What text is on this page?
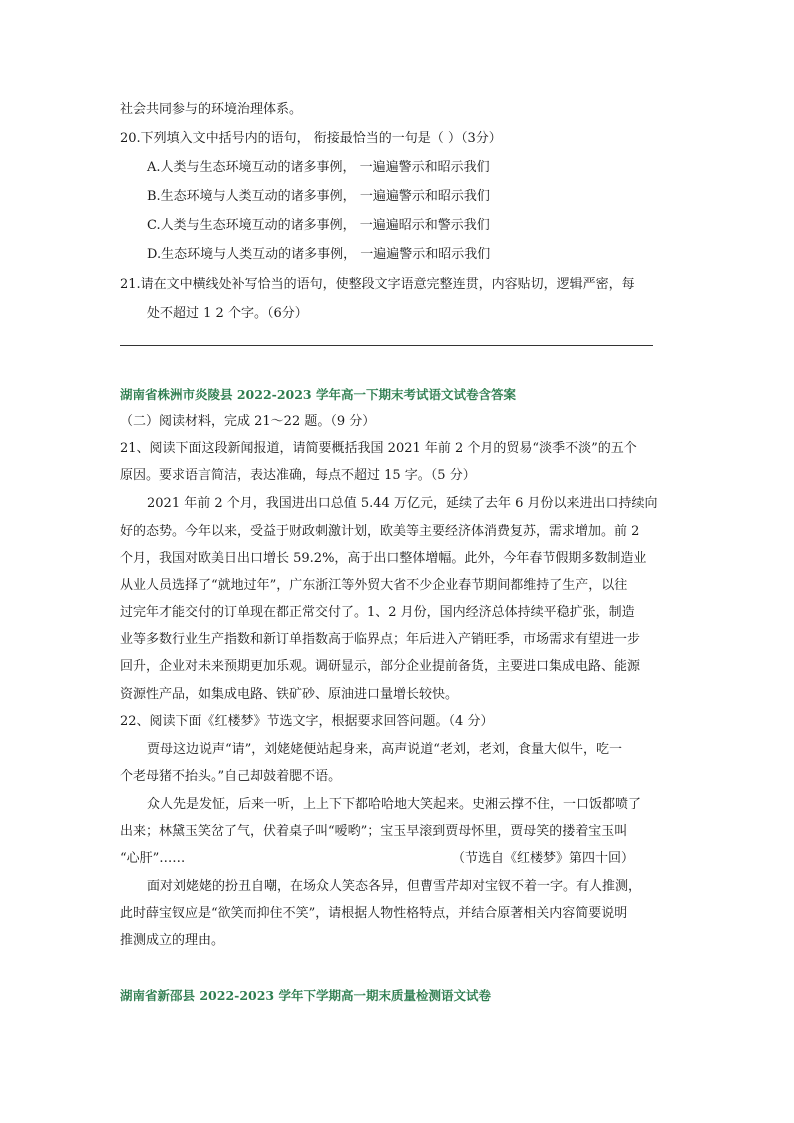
社会共同参与的环境治理体系。
20.下列填入文中括号内的语句， 衔接最恰当的一句是（ ）（3分）
A.人类与生态环境互动的诸多事例， 一遍遍警示和昭示我们
B.生态环境与人类互动的诸多事例， 一遍遍警示和昭示我们
C.人类与生态环境互动的诸多事例， 一遍遍昭示和警示我们
D.生态环境与人类互动的诸多事例， 一遍遍警示和昭示我们
21.请在文中横线处补写恰当的语句，使整段文字语意完整连贯，内容贴切，逻辑严密，每
处不超过 1 2 个字。（6分）
湖南省株洲市炎陵县 2022-2023 学年高一下期末考试语文试卷含答案
（二）阅读材料，完成 21～22 题。（9 分）
21、阅读下面这段新闻报道，请简要概括我国 2021 年前 2 个月的贸易“淡季不淡”的五个
原因。要求语言简洁，表达准确，每点不超过 15 字。（5 分）
2021 年前 2 个月，我国进出口总值 5.44 万亿元，延续了去年 6 月份以来进出口持续向
好的态势。今年以来，受益于财政刺激计划，欧美等主要经济体消费复苏，需求增加。前 2
个月，我国对欧美日出口增长 59.2%，高于出口整体增幅。此外，今年春节假期多数制造业
从业人员选择了“就地过年”，广东浙江等外贸大省不少企业春节期间都维持了生产，以往
过完年才能交付的订单现在都正常交付了。1、2 月份，国内经济总体持续平稳扩张，制造
业等多数行业生产指数和新订单指数高于临界点；年后进入产销旺季，市场需求有望进一步
回升，企业对未来预期更加乐观。调研显示，部分企业提前备货，主要进口集成电路、能源
资源性产品，如集成电路、铁矿砂、原油进口量增长较快。
22、阅读下面《红楼梦》节选文字，根据要求回答问题。（4 分）
贾母这边说声“请”，刘姥姥便站起身来，高声说道“老刘，老刘，食量大似牛，吃一
个老母猪不抬头。”自己却鼓着腮不语。
众人先是发怔，后来一听，上上下下都哈哈地大笑起来。史湘云撑不住，一口饭都喷了
出来；林黛玉笑岔了气，伏着桌子叫“嗳哟”；宝玉早滚到贾母怀里，贾母笑的搂着宝玉叫
“心肝”……	（节选自《红楼梦》第四十回）
面对刘姥姥的扮丑自嘲，在场众人笑态各异，但曹雪芹却对宝钗不着一字。有人推测，
此时薛宝钗应是“欲笑而抑住不笑”，请根据人物性格特点，并结合原著相关内容简要说明
推测成立的理由。
湖南省新邵县 2022-2023 学年下学期高一期末质量检测语文试卷
